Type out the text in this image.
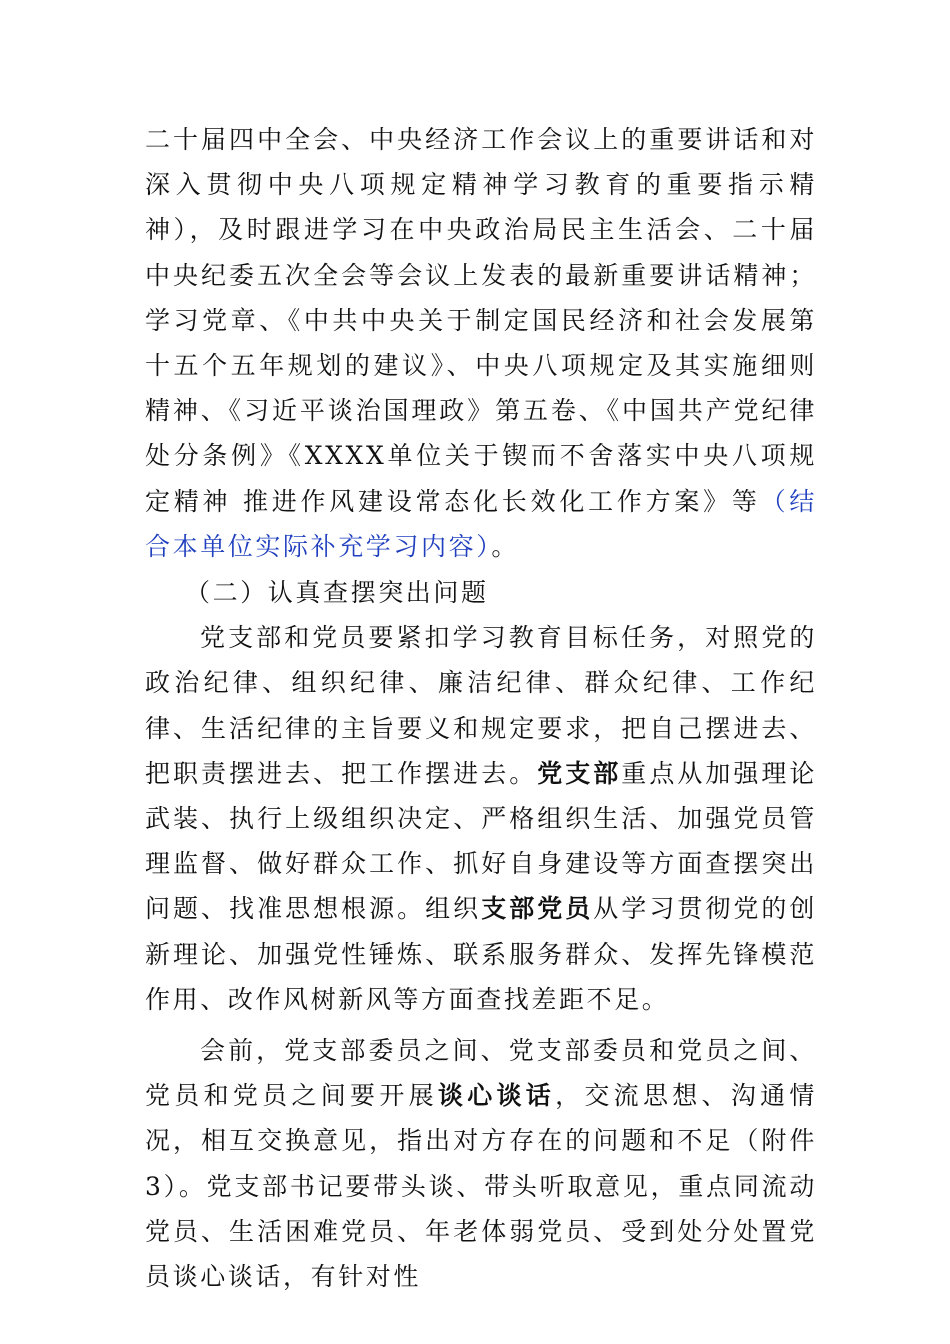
二十届四中全会、中央经济工作会议上的重要讲话和对深入贯彻中央八项规定精神学习教育的重要指示精神），及时跟进学习在中央政治局民主生活会、二十届中央纪委五次全会等会议上发表的最新重要讲话精神；学习党章、《中共中央关于制定国民经济和社会发展第十五个五年规划的建议》、中央八项规定及其实施细则精神、《习近平谈治国理政》第五卷、《中国共产党纪律处分条例》《XXXX单位关于锲而不舍落实中央八项规定精神 推进作风建设常态化长效化工作方案》等（结合本单位实际补充学习内容）。

（二）认真查摆突出问题

党支部和党员要紧扣学习教育目标任务，对照党的政治纪律、组织纪律、廉洁纪律、群众纪律、工作纪律、生活纪律的主旨要义和规定要求，把自己摆进去、把职责摆进去、把工作摆进去。党支部重点从加强理论武装、执行上级组织决定、严格组织生活、加强党员管理监督、做好群众工作、抓好自身建设等方面查摆突出问题、找准思想根源。组织支部党员从学习贯彻党的创新理论、加强党性锤炼、联系服务群众、发挥先锋模范作用、改作风树新风等方面查找差距不足。

会前，党支部委员之间、党支部委员和党员之间、党员和党员之间要开展谈心谈话，交流思想、沟通情况，相互交换意见，指出对方存在的问题和不足（附件3）。党支部书记要带头谈、带头听取意见，重点同流动党员、生活困难党员、年老体弱党员、受到处分处置党员谈心谈话，有针对性
